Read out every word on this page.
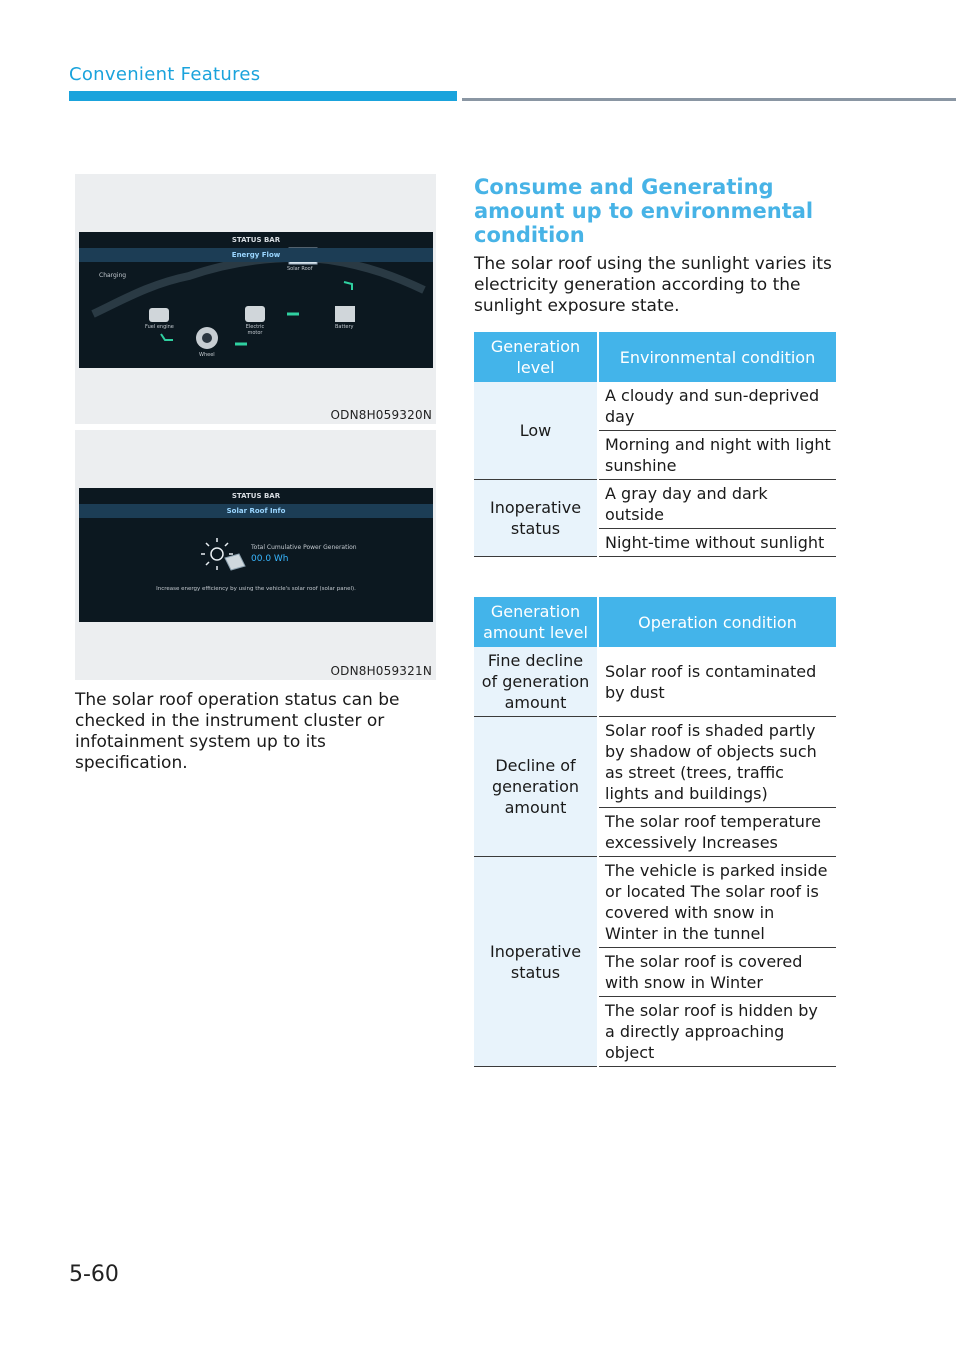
Convenient Features
STATUS BAR
Energy Flow
Charging
Solar Roof
Fuel engine	Electric motor
Battery
Wheel
ODN8H059320N
STATUS BAR
Solar Roof Info
Total Cumulative Power Generation
00.0 Wh
Increase energy efficiency by using the vehicle's solar roof (solar panel).
ODN8H059321N

The solar roof operation status can be checked in the instrument cluster or infotainment system up to its specification.

Consume and Generating amount up to environmental condition

The solar roof using the sunlight varies its electricity generation according to the sunlight exposure state.

Generation level	Environmental condition
Low	A cloudy and sun-deprived day
	Morning and night with light sunshine
Inoperative status	A gray day and dark outside
	Night-time without sunlight
Generation amount level	Operation condition
Fine decline of generation amount	Solar roof is contaminated by dust
Decline of generation amount	Solar roof is shaded partly by shadow of objects such as street (trees, traffic lights and buildings)
	The solar roof temperature excessively Increases
Inoperative status	The vehicle is parked inside or located The solar roof is covered with snow in Winter in the tunnel
	The solar roof is covered with snow in Winter
	The solar roof is hidden by a directly approaching object
5-60
